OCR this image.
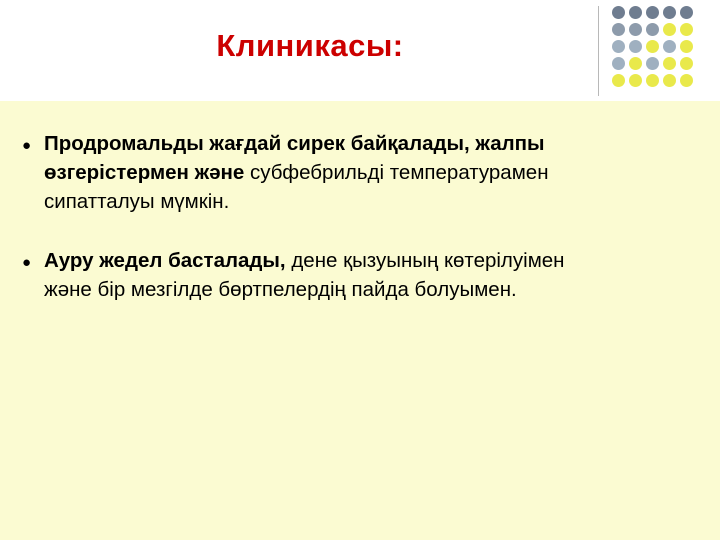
Клиникасы:
● Продромальды жағдай сирек байқалады, жалпы өзгерістермен және субфебрильді температурамен сипатталуы мүмкін.
● Ауру жедел басталады, дене қызуының көтерілуімен және бір мезгілде бөртпелердің пайда болуымен.
